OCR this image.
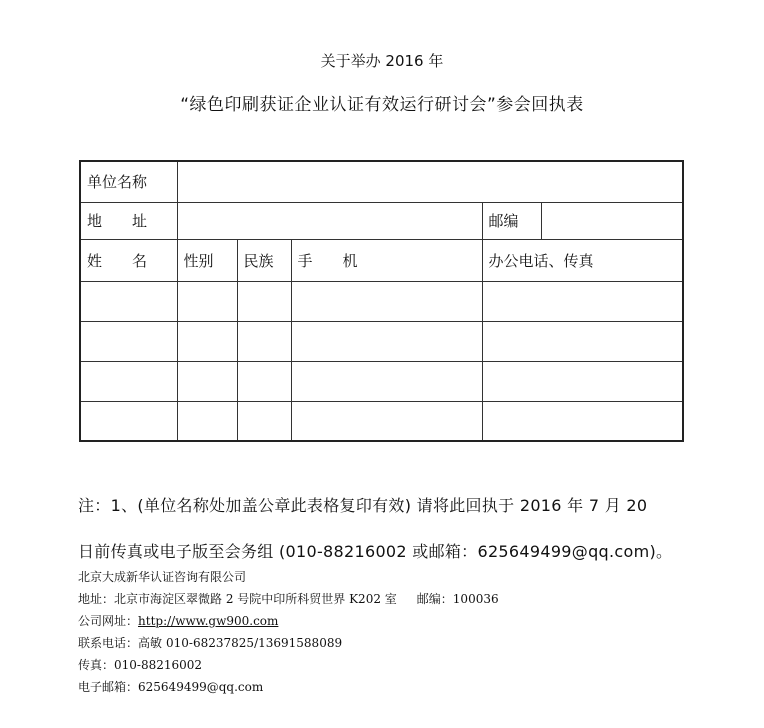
关于举办 2016 年
“绿色印刷获证企业认证有效运行研讨会”参会回执表
单位名称					
地　　址				邮编	
姓　　名	性别	民族	手　　机	办公电话、传真	

注：1、(单位名称处加盖公章此表格复印有效) 请将此回执于 2016 年 7 月 20
日前传真或电子版至会务组 (010-88216002 或邮箱：625649499@qq.com)。
北京大成新华认证咨询有限公司
地址：北京市海淀区翠微路 2 号院中印所科贸世界 K202 室 邮编：100036
公司网址：http://www.gw900.com
联系电话：高敏 010-68237825/13691588089
传真：010-88216002
电子邮箱：625649499@qq.com
